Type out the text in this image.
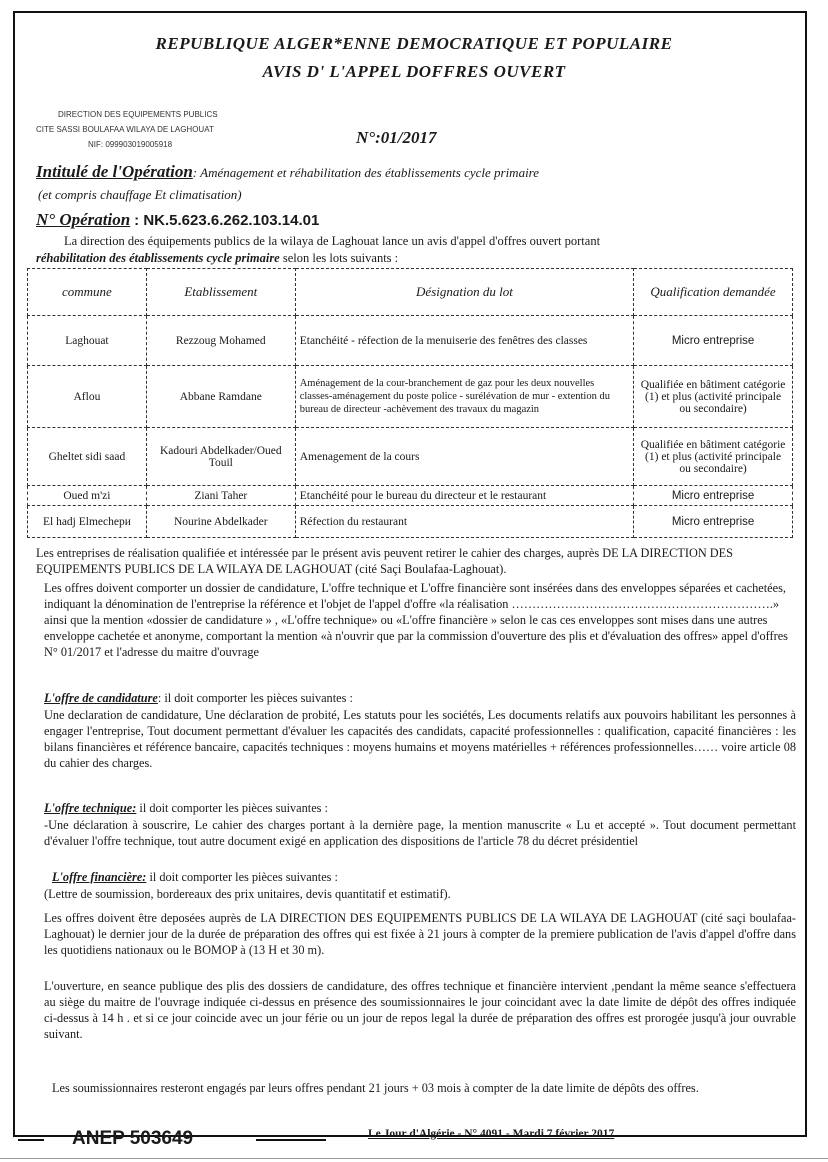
REPUBLIQUE ALGER*ENNE DEMOCRATIQUE ET POPULAIRE
AVIS D' L'APPEL DOFFRES OUVERT
DIRECTION DES EQUIPEMENTS PUBLICS
CITE SASSI BOULAFAA WILAYA DE LAGHOUAT
NIF: 099903019005918	N°:01/2017
Intitulé de l'Opération: Aménagement et réhabilitation des établissements cycle primaire
(et compris chauffage Et climatisation)
N° Opération : NK.5.623.6.262.103.14.01
La direction des équipements publics de la wilaya de Laghouat lance un avis d'appel d'offres ouvert portant
réhabilitation des établissements cycle primaire selon les lots suivants :
commune	Etablissement	Désignation du lot	Qualification demandée
Laghouat	Rezzoug Mohamed	Etanchéité - réfection de la menuiserie des fenêtres des classes	Micro entreprise
Aflou	Abbane Ramdane	Aménagement de la cour-branchement de gaz pour les deux nouvelles classes-aménagement du poste police - surélévation de mur - extention du bureau de directeur -achèvement des travaux du magazin	Qualifiée en bâtiment catégorie (1) et plus (activité principale ou secondaire)
Gheltet sidi saad	Kadouri Abdelkader/Oued Touil	Amenagement de la cours	Qualifiée en bâtiment catégorie (1) et plus (activité principale ou secondaire)
Oued m'zi	Ziani Taher	Etanchéité pour le bureau du directeur et le restaurant	Micro entreprise
El hadj Elmechери	Nourine Abdelkader	Réfection du restaurant	Micro entreprise
Les entreprises de réalisation qualifiée et intéressée par le présent avis peuvent retirer le cahier des charges, auprès DE LA DIRECTION DES EQUIPEMENTS PUBLICS DE LA WILAYA DE LAGHOUAT (cité Saçi Boulafaa-Laghouat).
Les offres doivent comporter un dossier de candidature, L'offre technique et L'offre financière sont insérées dans des enveloppes séparées et cachetées, indiquant la dénomination de l'entreprise la référence et l'objet de l'appel d'offre «la réalisation ……………………………………………………….» ainsi que la mention «dossier de candidature » , «L'offre technique» ou «L'offre financière » selon le cas ces enveloppes sont mises dans une autres enveloppe cachetée et anonyme, comportant la mention «à n'ouvrir que par la commission d'ouverture des plis et d'évaluation des offres» appel d'offres N° 01/2017 et l'adresse du maitre d'ouvrage
L'offre de candidature: il doit comporter les pièces suivantes :
Une declaration de candidature, Une déclaration de probité, Les statuts pour les sociétés, Les documents relatifs aux pouvoirs habilitant les personnes à engager l'entreprise, Tout document permettant d'évaluer les capacités des candidats, capacité professionnelles : qualification, capacité financières : les bilans financières et référence bancaire, capacités techniques : moyens humains et moyens matérielles + références professionnelles…… voire article 08 du cahier des charges.
L'offre technique: il doit comporter les pièces suivantes :
-Une déclaration à souscrire, Le cahier des charges portant à la dernière page, la mention manuscrite « Lu et accepté ». Tout document permettant d'évaluer l'offre technique, tout autre document exigé en application des dispositions de l'article 78 du décret présidentiel
L'offre financière: il doit comporter les pièces suivantes :
(Lettre de soumission, bordereaux des prix unitaires, devis quantitatif et estimatif).
Les offres doivent être deposées auprès de LA DIRECTION DES EQUIPEMENTS PUBLICS DE LA WILAYA DE LAGHOUAT (cité saçi boulafaa-Laghouat) le dernier jour de la durée de préparation des offres qui est fixée à 21 jours à compter de la premiere publication de l'avis d'appel d'offre dans les quotidiens nationaux ou le BOMOP à (13 H et 30 m).
L'ouverture, en seance publique des plis des dossiers de candidature, des offres technique et financière intervient ,pendant la même seance s'effectuera au siège du maitre de l'ouvrage indiquée ci-dessus en présence des soumissionnaires le jour coincidant avec la date limite de dépôt des offres indiquée ci-dessus à 14 h . et si ce jour coincide avec un jour férie ou un jour de repos legal la durée de préparation des offres est prorogée jusqu'à jour ouvrable suivant.
Les soumissionnaires resteront engagés par leurs offres pendant 21 jours + 03 mois à compter de la date limite de dépôts des offres.
ANEP 503649	Le Jour d'Algérie - N° 4091 - Mardi 7 février 2017
